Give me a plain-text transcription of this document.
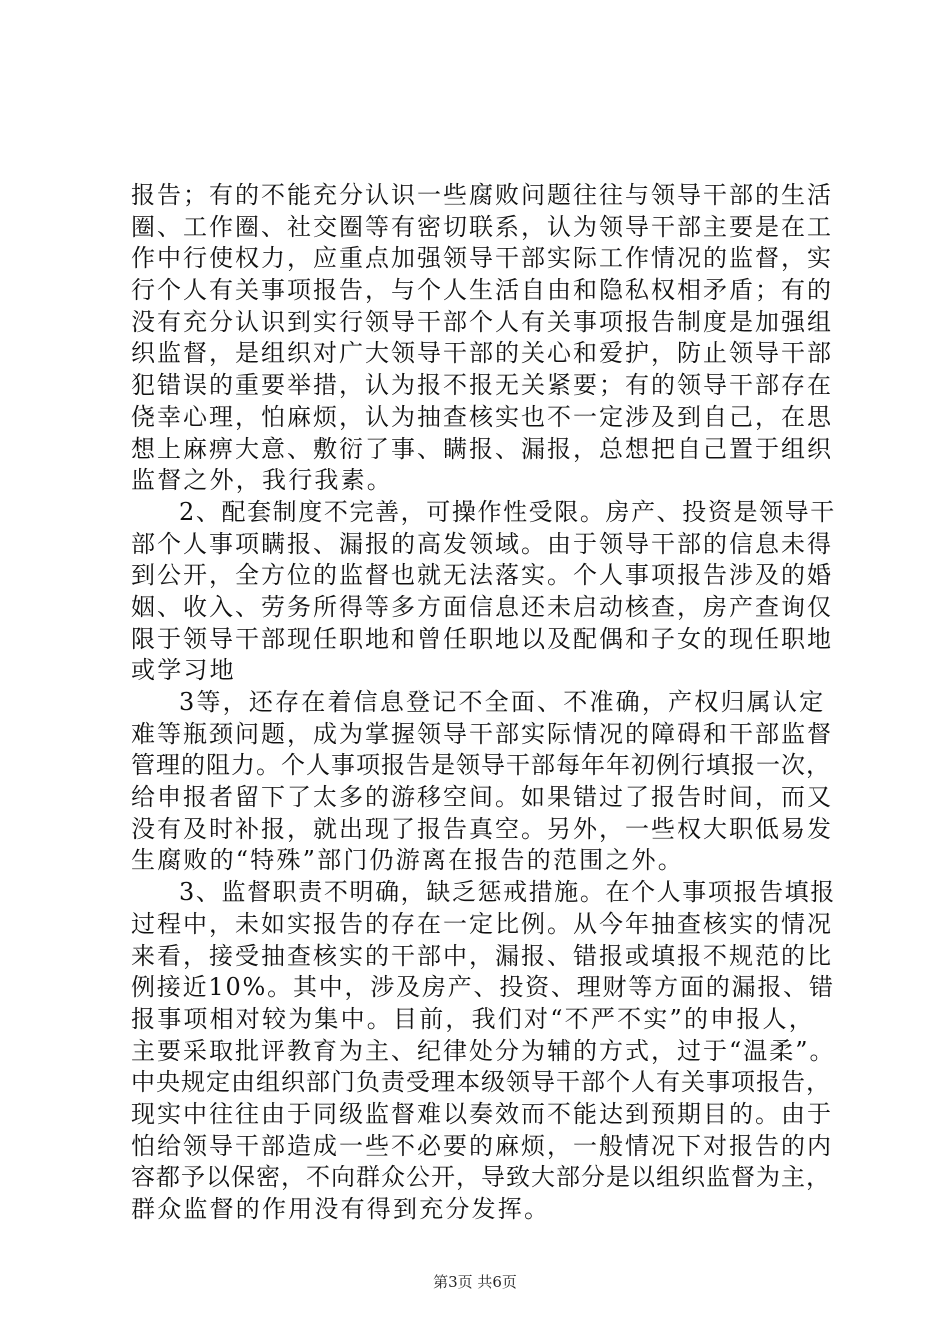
报告；有的不能充分认识一些腐败问题往往与领导干部的生活
圈、工作圈、社交圈等有密切联系，认为领导干部主要是在工
作中行使权力，应重点加强领导干部实际工作情况的监督，实
行个人有关事项报告，与个人生活自由和隐私权相矛盾；有的
没有充分认识到实行领导干部个人有关事项报告制度是加强组
织监督，是组织对广大领导干部的关心和爱护，防止领导干部
犯错误的重要举措，认为报不报无关紧要；有的领导干部存在
侥幸心理，怕麻烦，认为抽查核实也不一定涉及到自己，在思
想上麻痹大意、敷衍了事、瞒报、漏报，总想把自己置于组织
监督之外，我行我素。
2、配套制度不完善，可操作性受限。房产、投资是领导干
部个人事项瞒报、漏报的高发领域。由于领导干部的信息未得
到公开，全方位的监督也就无法落实。个人事项报告涉及的婚
姻、收入、劳务所得等多方面信息还未启动核查，房产查询仅
限于领导干部现任职地和曾任职地以及配偶和子女的现任职地
或学习地
3等，还存在着信息登记不全面、不准确，产权归属认定
难等瓶颈问题，成为掌握领导干部实际情况的障碍和干部监督
管理的阻力。个人事项报告是领导干部每年年初例行填报一次，
给申报者留下了太多的游移空间。如果错过了报告时间，而又
没有及时补报，就出现了报告真空。另外，一些权大职低易发
生腐败的“特殊”部门仍游离在报告的范围之外。
3、监督职责不明确，缺乏惩戒措施。在个人事项报告填报
过程中，未如实报告的存在一定比例。从今年抽查核实的情况
来看，接受抽查核实的干部中，漏报、错报或填报不规范的比
例接近10%。其中，涉及房产、投资、理财等方面的漏报、错
报事项相对较为集中。目前，我们对“不严不实”的申报人，
主要采取批评教育为主、纪律处分为辅的方式，过于“温柔”。
中央规定由组织部门负责受理本级领导干部个人有关事项报告，
现实中往往由于同级监督难以奏效而不能达到预期目的。由于
怕给领导干部造成一些不必要的麻烦，一般情况下对报告的内
容都予以保密，不向群众公开，导致大部分是以组织监督为主，
群众监督的作用没有得到充分发挥。
第3页 共6页
